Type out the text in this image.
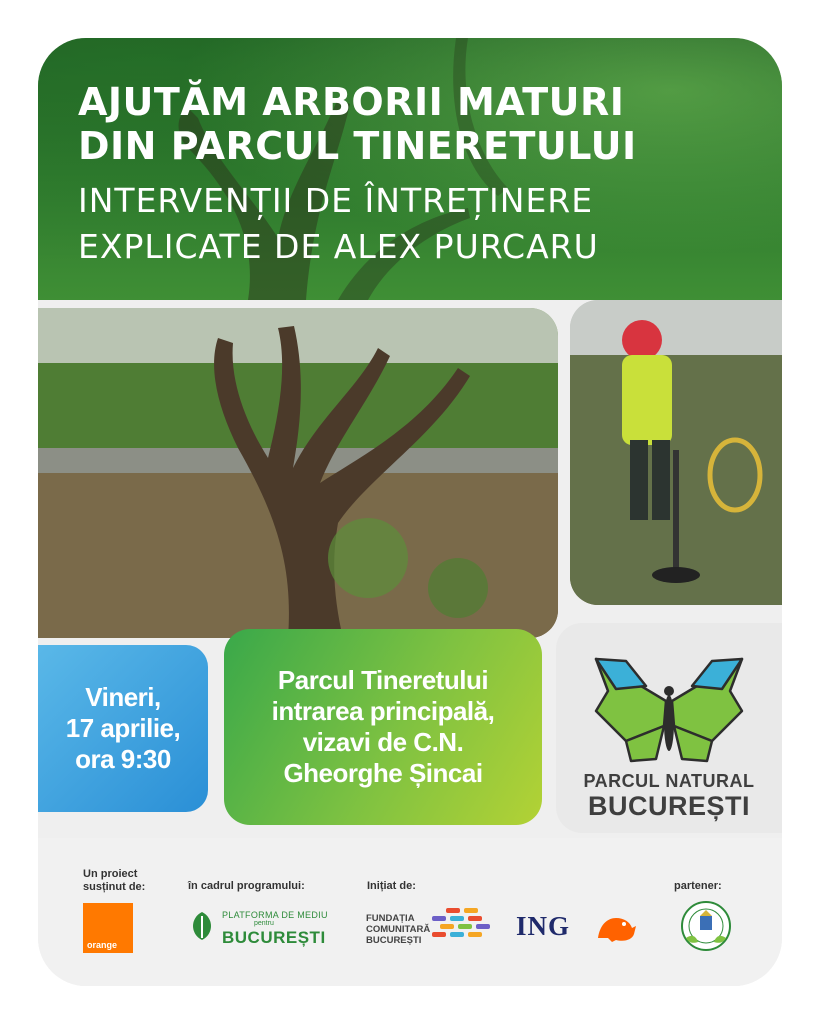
AJUTĂM ARBORII MATURI
DIN PARCUL TINERETULUI
INTERVENȚII DE ÎNTREȚINERE
EXPLICATE DE ALEX PURCARU
Vineri,
17 aprilie,
ora 9:30
Parcul Tineretului
intrarea principală,
vizavi de C.N.
Gheorghe Șincai	PARCUL NATURAL
BUCUREȘTI
Un proiect
susținut de:	în cadrul programului:	Inițiat de:	partener:
orange
PLATFORMA DE MEDIU
pentru
BUCUREȘTI
FUNDAȚIA
COMUNITARĂ
BUCUREȘTI	ING
